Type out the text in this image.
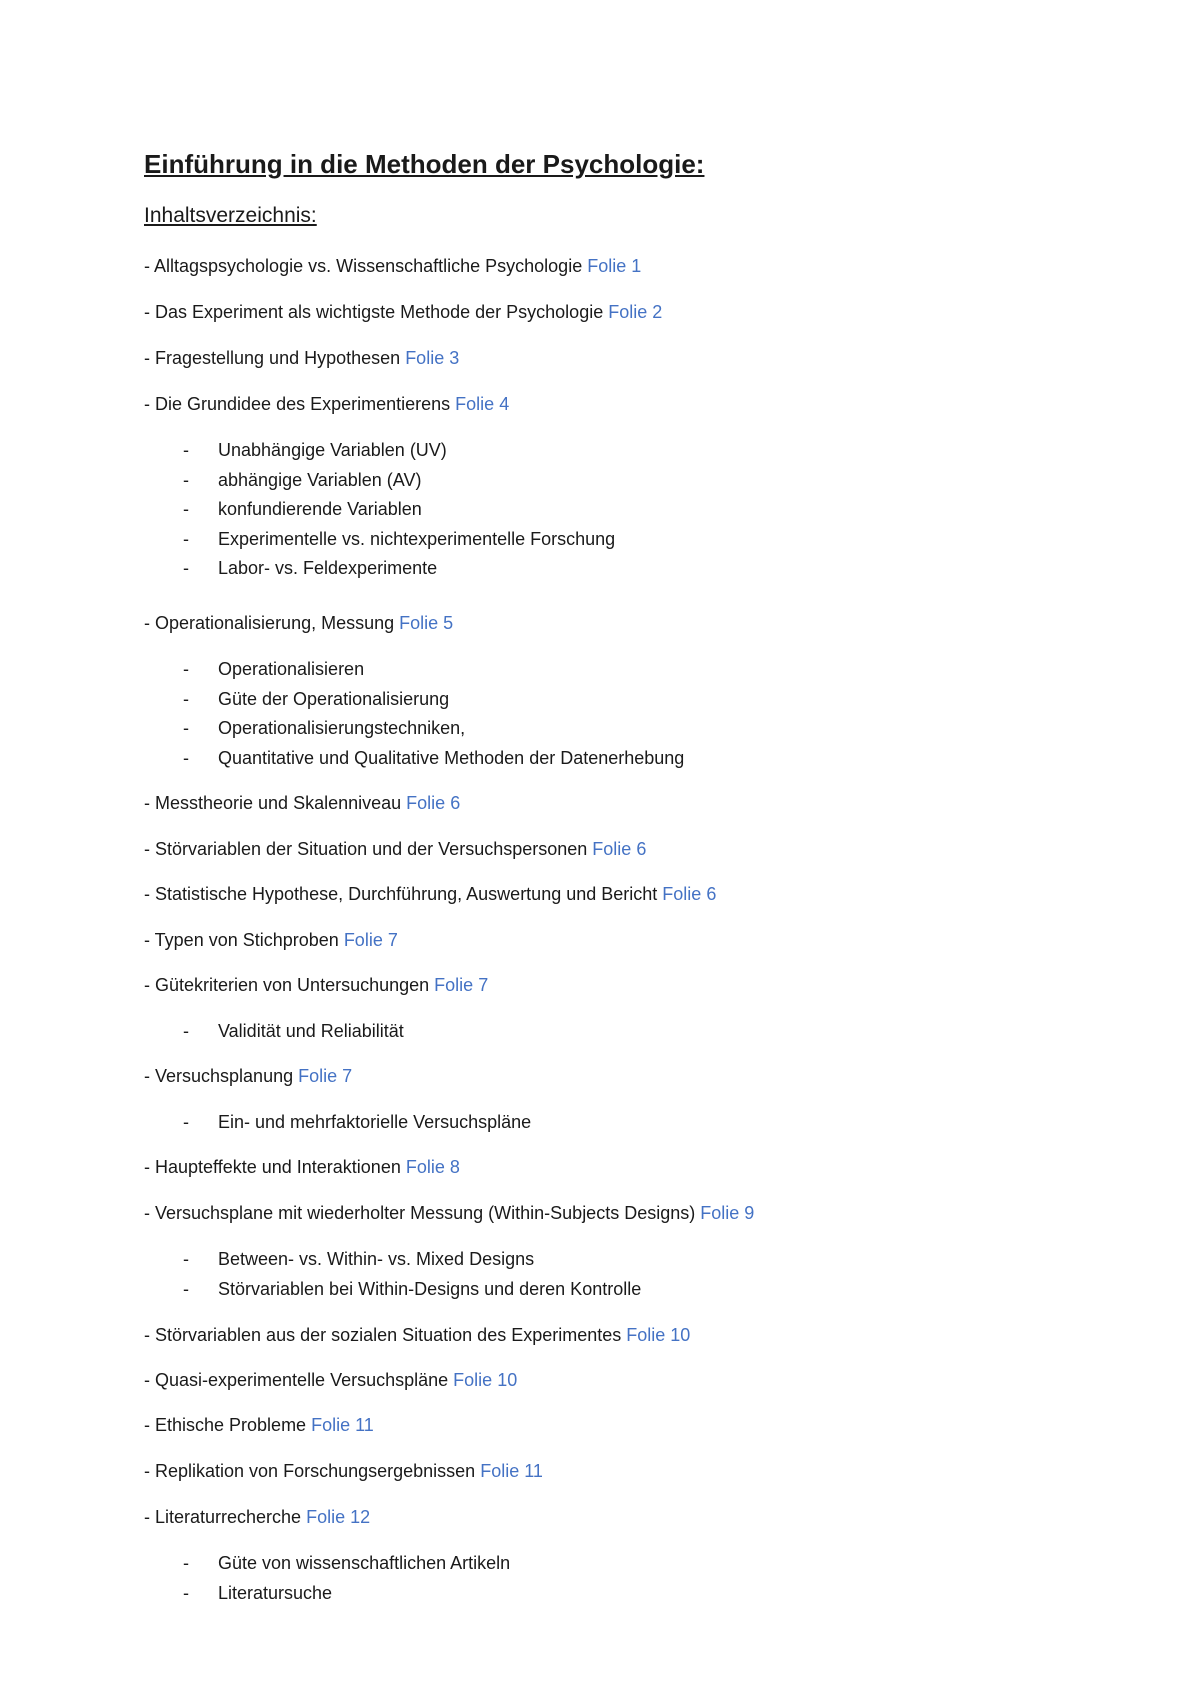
Einführung in die Methoden der Psychologie:
Inhaltsverzeichnis:
- Alltagspsychologie vs. Wissenschaftliche Psychologie Folie 1
- Das Experiment als wichtigste Methode der Psychologie Folie 2
- Fragestellung und Hypothesen Folie 3
- Die Grundidee des Experimentierens Folie 4
- Unabhängige Variablen (UV)
- abhängige Variablen (AV)
- konfundierende Variablen
- Experimentelle vs. nichtexperimentelle Forschung
- Labor- vs. Feldexperimente
- Operationalisierung, Messung Folie 5
- Operationalisieren
- Güte der Operationalisierung
- Operationalisierungstechniken,
- Quantitative und Qualitative Methoden der Datenerhebung
- Messtheorie und Skalenniveau Folie 6
- Störvariablen der Situation und der Versuchspersonen Folie 6
- Statistische Hypothese, Durchführung, Auswertung und Bericht Folie 6
- Typen von Stichproben Folie 7
- Gütekriterien von Untersuchungen Folie 7
- Validität und Reliabilität
- Versuchsplanung Folie 7
- Ein- und mehrfaktorielle Versuchspläne
- Haupteffekte und Interaktionen Folie 8
- Versuchsplane mit wiederholter Messung (Within-Subjects Designs) Folie 9
- Between- vs. Within- vs. Mixed Designs
- Störvariablen bei Within-Designs und deren Kontrolle
- Störvariablen aus der sozialen Situation des Experimentes Folie 10
- Quasi-experimentelle Versuchspläne Folie 10
- Ethische Probleme Folie 11
- Replikation von Forschungsergebnissen Folie 11
- Literaturrecherche Folie 12
- Güte von wissenschaftlichen Artikeln
- Literatursuche
